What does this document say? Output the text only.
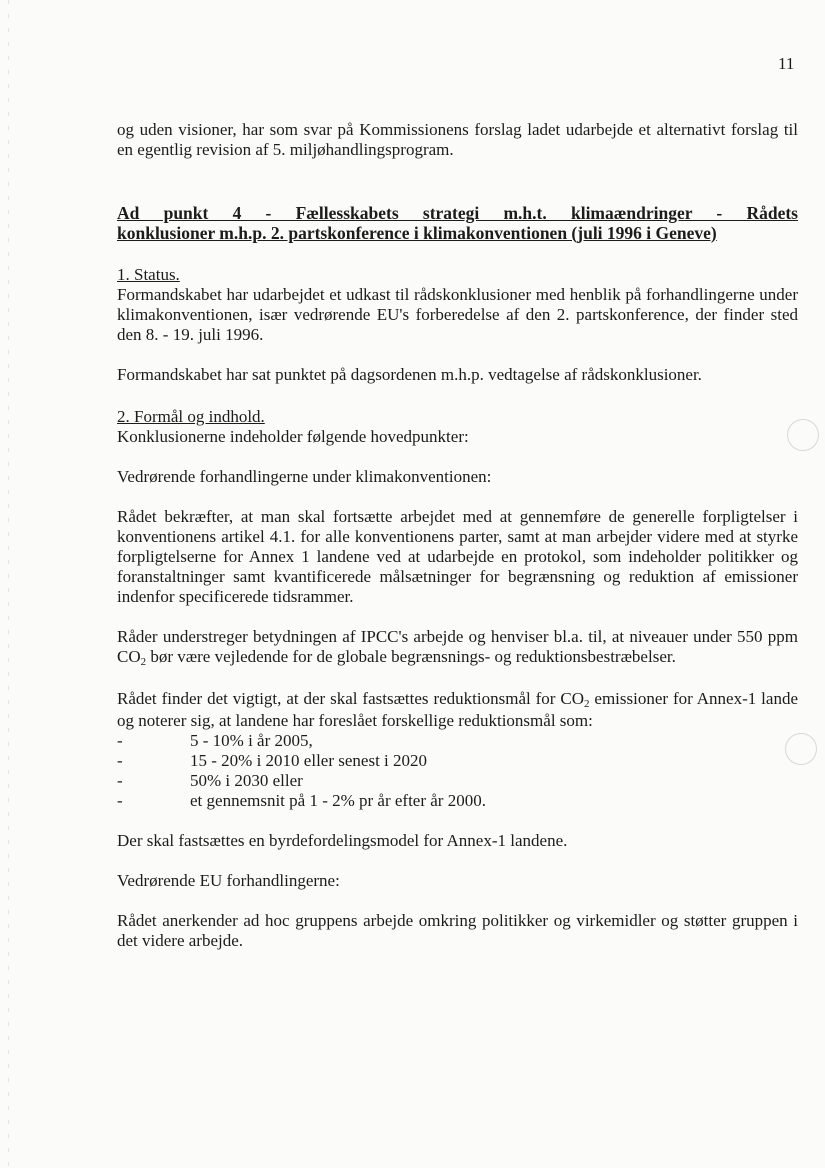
11

og uden visioner, har som svar på Kommissionens forslag ladet udarbejde et alternativt forslag til en egentlig revision af 5. miljøhandlingsprogram.

Ad punkt 4 - Fællesskabets strategi m.h.t. klimaændringer - Rådets
konklusioner m.h.p. 2. partskonference i klimakonventionen (juli 1996 i Geneve)

1. Status.

Formandskabet har udarbejdet et udkast til rådskonklusioner med henblik på forhandlingerne under klimakonventionen, især vedrørende EU's forberedelse af den 2. partskonference, der finder sted den 8. - 19. juli 1996.

Formandskabet har sat punktet på dagsordenen m.h.p. vedtagelse af rådskonklusioner.

2. Formål og indhold.

Konklusionerne indeholder følgende hovedpunkter:

Vedrørende forhandlingerne under klimakonventionen:

Rådet bekræfter, at man skal fortsætte arbejdet med at gennemføre de generelle forpligtelser i konventionens artikel 4.1. for alle konventionens parter, samt at man arbejder videre med at styrke forpligtelserne for Annex 1 landene ved at udarbejde en protokol, som indeholder politikker og foranstaltninger samt kvantificerede målsætninger for begrænsning og reduktion af emissioner indenfor specificerede tidsrammer.

Råder understreger betydningen af IPCC's arbejde og henviser bl.a. til, at niveauer under 550 ppm $CO_2$ bør være vejledende for de globale begrænsnings- og reduktionsbestræbelser.

Rådet finder det vigtigt, at der skal fastsættes reduktionsmål for $CO_2$ emissioner for Annex-1 lande og noterer sig, at landene har foreslået forskellige reduktionsmål som:

- 5 - 10% i år 2005,
- 15 - 20% i 2010 eller senest i 2020
- 50% i 2030 eller
- et gennemsnit på 1 - 2% pr år efter år 2000.

Der skal fastsættes en byrdefordelingsmodel for Annex-1 landene.

Vedrørende EU forhandlingerne:

Rådet anerkender ad hoc gruppens arbejde omkring politikker og virkemidler og støtter gruppen i det videre arbejde.
